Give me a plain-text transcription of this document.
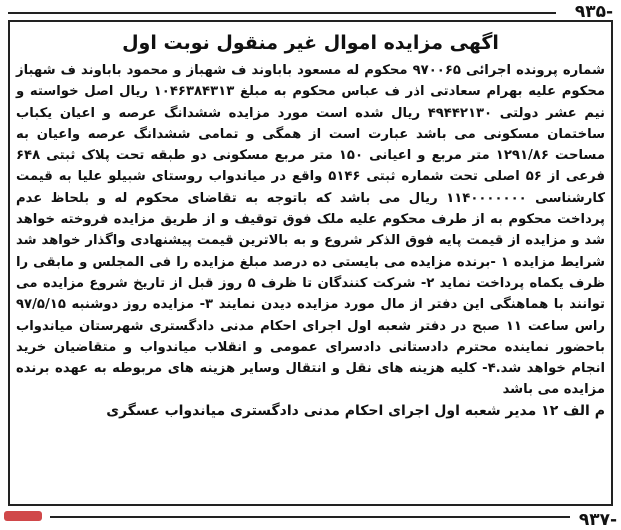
۹۳۵-
اگهی مزایده اموال غیر منقول نوبت اول
شماره پرونده اجرائی ۹۷۰۰۶۵ محکوم له مسعود باباوند ف شهباز و محمود باباوند ف شهباز محکوم علیه بهرام سعادتی اذر ف عباس محکوم به مبلغ ۱۰۴۶۳۸۴۳۱۳ ریال اصل خواسته و نیم عشر دولتی ۴۹۴۴۲۱۳۰ ریال شده است مورد مزایده ششدانگ عرصه و اعیان یکباب ساختمان مسکونی می باشد عبارت است از همگی و تمامی ششدانگ عرصه واعیان به مساحت ۱۲۹۱/۸۶ متر مربع و اعیانی ۱۵۰ متر مربع مسکونی دو طبقه تحت پلاک ثبتی ۶۴۸ فرعی از ۵۶ اصلی تحت شماره ثبتی ۵۱۴۶ واقع در میاندواب روستای شبیلو علیا به قیمت کارشناسی ۱۱۴۰۰۰۰۰۰۰ ریال می باشد که باتوجه به تقاضای محکوم له و بلحاظ عدم پرداخت محکوم به از طرف محکوم علیه ملک فوق توقیف و از طریق مزایده فروخته خواهد شد و مزایده از قیمت پایه فوق الذکر شروع و به بالاترین قیمت پیشنهادی واگذار خواهد شد شرایط مزایده ۱ -برنده مزایده می بایستی ده درصد مبلغ مزایده را فی المجلس و مابقی را ظرف یکماه پرداخت نماید ۲- شرکت کنندگان تا ظرف ۵ روز قبل از تاریخ شروع مزایده می توانند با هماهنگی این دفتر از مال مورد مزایده دیدن نمایند ۳- مزایده روز دوشنبه ۹۷/۵/۱۵ راس ساعت ۱۱ صبح در دفتر شعبه اول اجرای احکام مدنی دادگستری شهرستان میاندواب باحضور نماینده محترم دادستانی دادسرای عمومی و انقلاب میاندواب و متقاضیان خرید انجام خواهد شد.۴- کلیه هزینه های نقل و انتقال وسایر هزینه های مربوطه به عهده برنده مزایده می باشد
م الف ۱۲ مدیر شعبه اول اجرای احکام مدنی دادگستری میاندواب عسگری
۹۳۷-
